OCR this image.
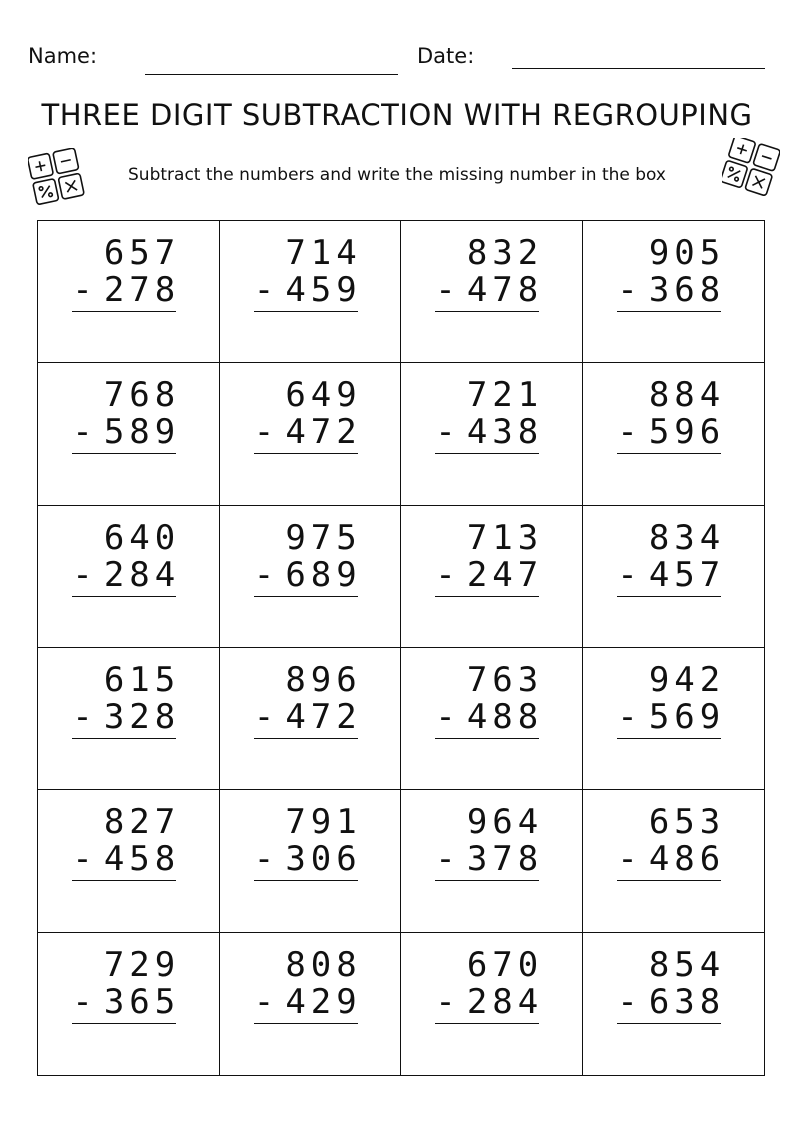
Name:	Date:
THREE DIGIT SUBTRACTION WITH REGROUPING
Subtract the numbers and write the missing number in the box
657
- 278
714
- 459
832
- 478
905
- 368
768
- 589
649
- 472
721
- 438
884
- 596
640
- 284
975
- 689
713
- 247
834
- 457
615
- 328
896
- 472
763
- 488
942
- 569
827
- 458
791
- 306
964
- 378
653
- 486
729
- 365
808
- 429
670
- 284
854
- 638
